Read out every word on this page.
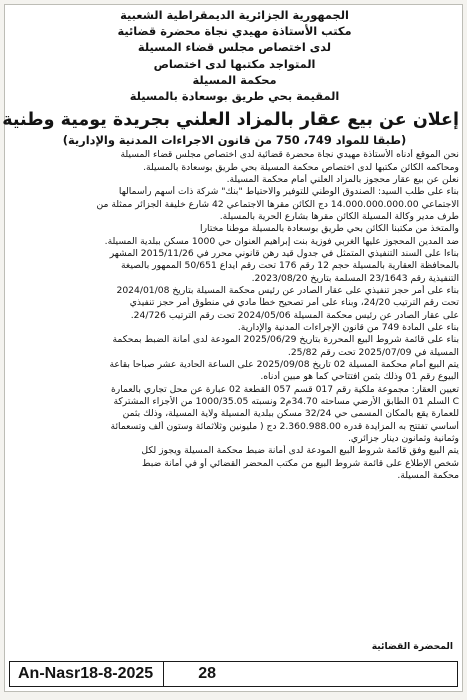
الجمهورية الجزائرية الديمقراطية الشعبية
مكتب الأستاذة مهيدي نجاة محضرة قضائية
لدى اختصاص مجلس قضاء المسيلة
المتواجد مكتبها لدى اختصاص
محكمة المسيلة
المقيمة بحي طريق بوسعادة بالمسيلة
إعلان عن بيع عقار بالمزاد العلني بجريدة يومية وطنية
(طبقا للمواد 749، 750 من قانون الاجراءات المدنية والإدارية)
نحن الموقع أدناه الأستاذة مهيدي نجاة محضرة قضائية لدى اختصاص مجلس قضاء المسيلة
ومحاكمه الكائن مكتبها لدى اختصاص محكمة المسيلة بحي طريق بوسعادة بالمسيلة.
نعلن عن بيع عقار محجوز بالمزاد العلني أمام محكمة المسيلة.
بناء على طلب السيد: الصندوق الوطني للتوفير والاحتياط "بنك" شركة ذات أسهم رأسمالها
الاجتماعي 14.000.000.000.00 دج الكائن مقرها الاجتماعي 42 شارع خليفة الجزائر ممثلة من
طرف مدير وكالة المسيلة الكائن مقرها بشارع الحرية بالمسيلة.
والمتخذ من مكتبنا الكائن بحي طريق بوسعادة بالمسيلة موطنا مختارا
ضد المدين المحجوز عليها الغربي فوزية بنت إبراهيم العنوان حي 1000 مسكن ببلدية المسيلة.
بناءا على السند التنفيذي المتمثل في جدول قيد رهن قانوني محرر في 2015/11/26 المشهر
بالمحافظة العقارية بالمسيلة حجم 12 رقم 176 تحت رقم ايداع 50/651 الممهور بالصيغة
التنفيذية رقم 23/1643 المسلمة بتاريخ 2023/08/20.
بناء على أمر حجز تنفيذي على عقار الصادر عن رئيس محكمة المسيلة بتاريخ 2024/01/08
تحت رقم الترتيب 24/20، وبناء على أمر تصحيح خطأ مادي في منطوق أمر حجز تنفيذي
على عقار الصادر عن رئيس محكمة المسيلة 2024/05/06 تحت رقم الترتيب 24/726.
بناء على المادة 749 من قانون الإجراءات المدنية والإدارية.
بناء على قائمة شروط البيع المحررة بتاريخ 2025/06/29 المودعة لدى أمانة الضبط بمحكمة
المسيلة في 2025/07/09 تحت رقم 25/82.
يتم البيع أمام محكمة المسيلة 02 تاريخ 2025/09/08 على الساعة الحادية عشر صباحا بقاعة
البيوع رقم 01 وذلك بثمن افتتاحي كما هو مبين أدناه.
تعيين العقار: مجموعة ملكية رقم 017 قسم 057 القطعة 02 عبارة عن محل تجاري بالعمارة
C السلم 01 الطابق الأرضي مساحته 34.70م2 ونسبته 1000/35.05 من الأجزاء المشتركة
للعمارة يقع بالمكان المسمى حي 32/24 مسكن ببلدية المسيلة ولاية المسيلة، وذلك بثمن
أساسي تفتتح به المزايدة قدره 2.360.988.00 دج ( مليونين وثلاثمائة وستون ألف وتسعمائة
وثمانية وثمانون دينار جزائري.
يتم البيع وفق قائمة شروط البيع المودعة لدى أمانة ضبط محكمة المسيلة ويجوز لكل
شخص الإطلاع على قائمة شروط البيع من مكتب المحضر القضائي أو في أمانة ضبط
محكمة المسيلة.
المحضرة القضائية
An-Nasr18-8-2025	28
